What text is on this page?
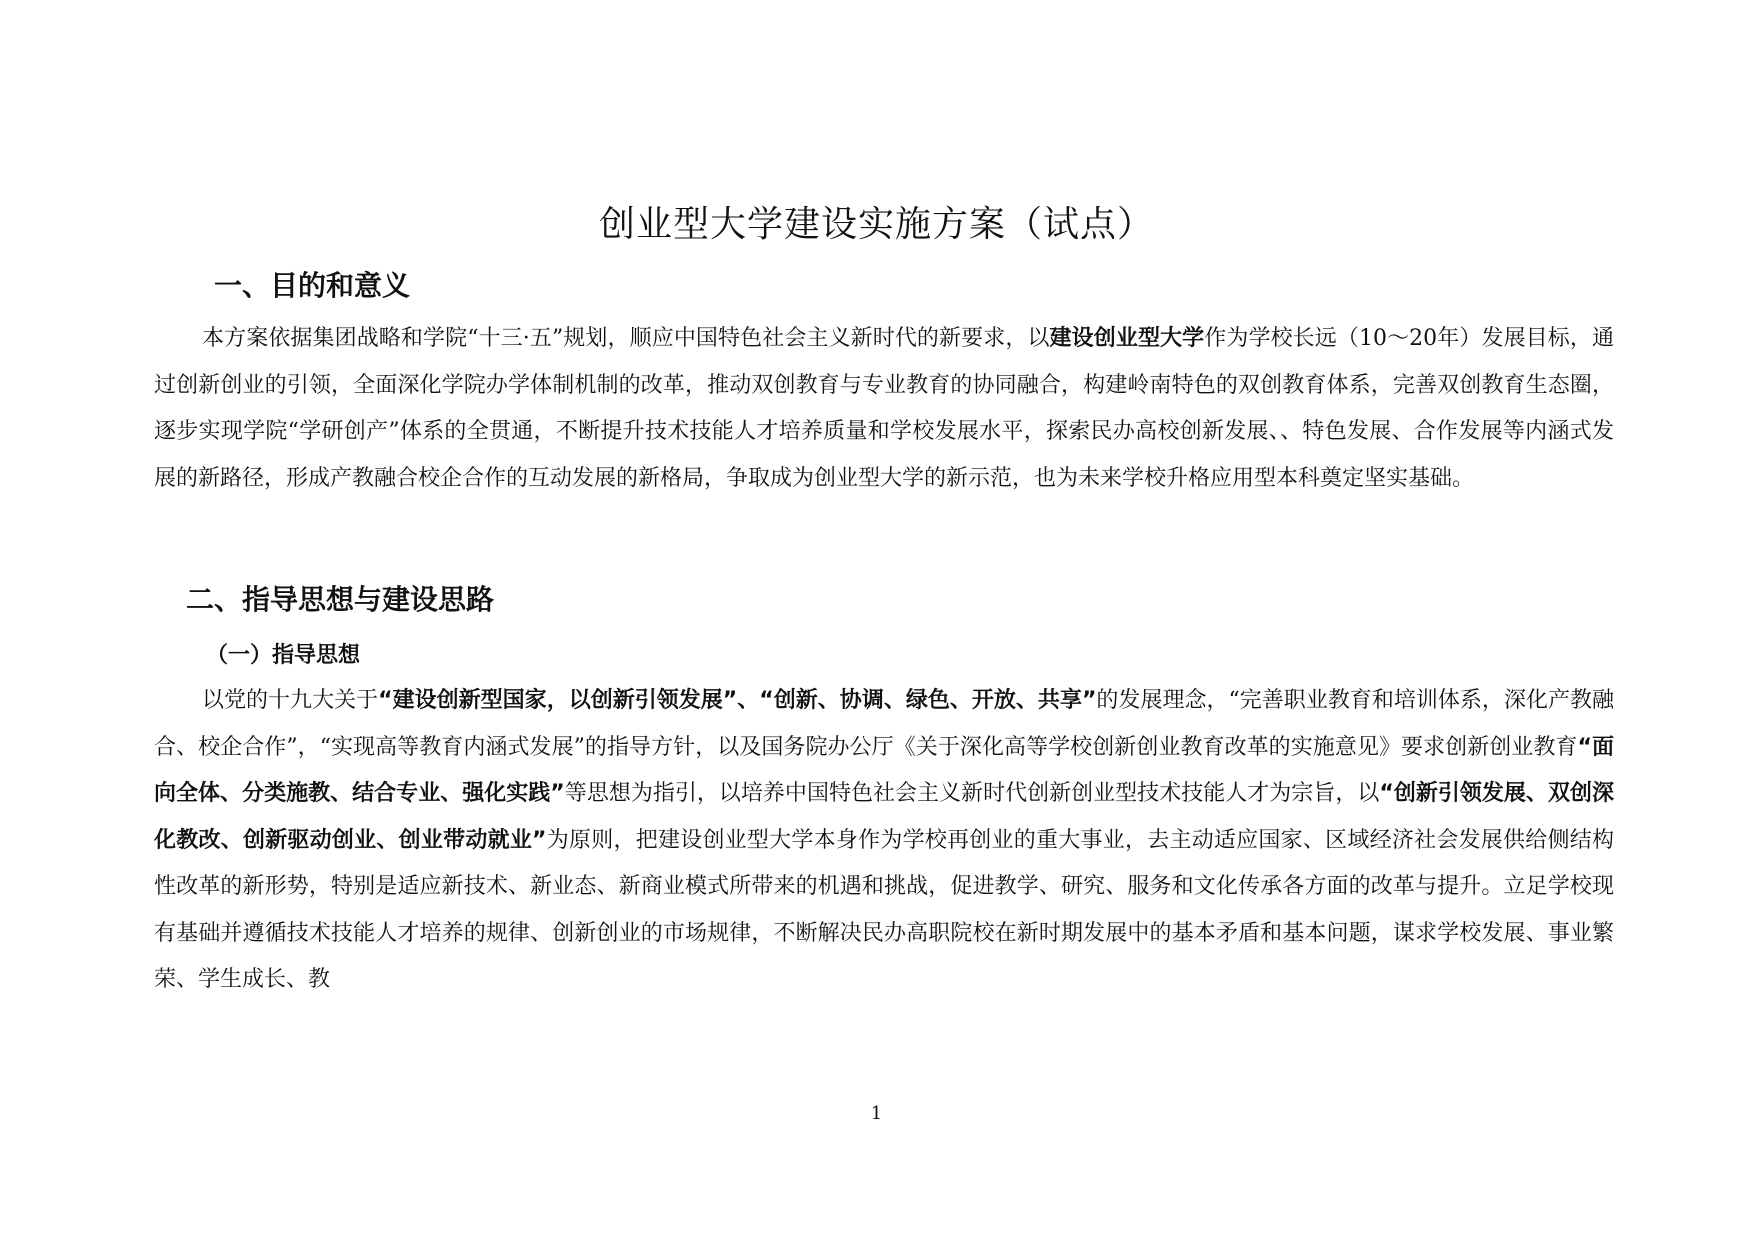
创业型大学建设实施方案（试点）
一、目的和意义

本方案依据集团战略和学院“十三·五”规划，顺应中国特色社会主义新时代的新要求，以建设创业型大学作为学校长远（10～20年）发展目标，通过创新创业的引领，全面深化学院办学体制机制的改革，推动双创教育与专业教育的协同融合，构建岭南特色的双创教育体系，完善双创教育生态圈，逐步实现学院“学研创产”体系的全贯通，不断提升技术技能人才培养质量和学校发展水平，探索民办高校创新发展、、特色发展、合作发展等内涵式发展的新路径，形成产教融合校企合作的互动发展的新格局，争取成为创业型大学的新示范，也为未来学校升格应用型本科奠定坚实基础。

二、指导思想与建设思路
（一）指导思想

以党的十九大关于“建设创新型国家，以创新引领发展”、“创新、协调、绿色、开放、共享”的发展理念，“完善职业教育和培训体系，深化产教融合、校企合作”，“实现高等教育内涵式发展”的指导方针，以及国务院办公厅《关于深化高等学校创新创业教育改革的实施意见》要求创新创业教育“面向全体、分类施教、结合专业、强化实践”等思想为指引，以培养中国特色社会主义新时代创新创业型技术技能人才为宗旨，以“创新引领发展、双创深化教改、创新驱动创业、创业带动就业”为原则，把建设创业型大学本身作为学校再创业的重大事业，去主动适应国家、区域经济社会发展供给侧结构性改革的新形势，特别是适应新技术、新业态、新商业模式所带来的机遇和挑战，促进教学、研究、服务和文化传承各方面的改革与提升。立足学校现有基础并遵循技术技能人才培养的规律、创新创业的市场规律，不断解决民办高职院校在新时期发展中的基本矛盾和基本问题，谋求学校发展、事业繁荣、学生成长、教

1
